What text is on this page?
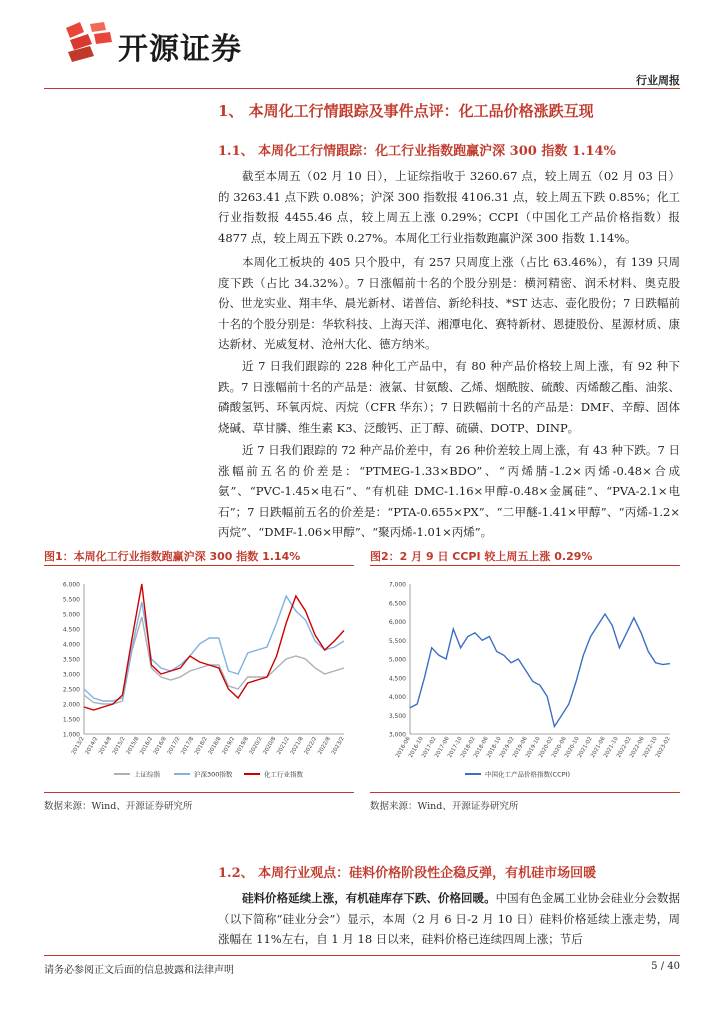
开源证券
行业周报
1、 本周化工行情跟踪及事件点评：化工品价格涨跌互现
1.1、 本周化工行情跟踪：化工行业指数跑赢沪深 300 指数 1.14%

截至本周五（02 月 10 日），上证综指收于 3260.67 点，较上周五（02 月 03 日）的 3263.41 点下跌 0.08%；沪深 300 指数报 4106.31 点，较上周五下跌 0.85%；化工行业指数报 4455.46 点，较上周五上涨 0.29%；CCPI（中国化工产品价格指数）报 4877 点，较上周五下跌 0.27%。本周化工行业指数跑赢沪深 300 指数 1.14%。

本周化工板块的 405 只个股中，有 257 只周度上涨（占比 63.46%），有 139 只周度下跌（占比 34.32%）。7 日涨幅前十名的个股分别是：横河精密、润禾材料、奥克股份、世龙实业、翔丰华、晨光新材、诺普信、新纶科技、*ST 达志、壶化股份；7 日跌幅前十名的个股分别是：华软科技、上海天洋、湘潭电化、赛特新材、恩捷股份、星源材质、康达新材、光威复材、沧州大化、德方纳米。

近 7 日我们跟踪的 228 种化工产品中，有 80 种产品价格较上周上涨，有 92 种下跌。7 日涨幅前十名的产品是：液氯、甘氨酸、乙烯、烟酰胺、硫酸、丙烯酸乙酯、油浆、磷酸氢钙、环氧丙烷、丙烷（CFR 华东）；7 日跌幅前十名的产品是：DMF、辛醇、固体烧碱、草甘膦、维生素 K3、泛酸钙、正丁醇、硫磺、DOTP、DINP。

近 7 日我们跟踪的 72 种产品价差中，有 26 种价差较上周上涨，有 43 种下跌。7 日涨幅前五名的价差是：“PTMEG-1.33×BDO”、“丙烯腈-1.2×丙烯-0.48×合成氨”、“PVC-1.45×电石”、“有机硅 DMC-1.16×甲醇-0.48×金属硅”、“PVA-2.1×电石”；7 日跌幅前五名的价差是：“PTA-0.655×PX”、“二甲醚-1.41×甲醇”、“丙烯-1.2×丙烷”、“DMF-1.06×甲醇”、“聚丙烯-1.01×丙烯”。

图1：本周化工行业指数跑赢沪深 300 指数 1.14%	图2：2 月 9 日 CCPI 较上周五上涨 0.29%
1.000
1.500
2.000
2.500
3.000
3.500
4.000
4.500
5.000
5.500
6.000
2013/2
2014/2
2014/8
2015/2
2015/8
2016/2
2016/8
2017/2
2017/8
2018/2
2018/8
2019/2
2019/8
2020/2
2020/8
2021/2
2021/8
2022/2
2022/8
2023/2
上证综指	沪深300指数	化工行业指数
3,000
3,500
4,000
4,500
5,000
5,500
6,000
6,500
7,000
2016-06
2016-10
2017-02
2017-06
2017-10
2018-02
2018-06
2018-10
2019-02
2019-06
2019-10
2020-02
2020-06
2020-10
2021-02
2021-06
2021-10
2022-02
2022-06
2022-10
2023-02
中国化工产品价格指数(CCPI)
数据来源：Wind、开源证券研究所	数据来源：Wind、开源证券研究所
1.2、 本周行业观点：硅料价格阶段性企稳反弹，有机硅市场回暖

硅料价格延续上涨，有机硅库存下跌、价格回暖。中国有色金属工业协会硅业分会数据（以下简称“硅业分会”）显示，本周（2 月 6 日-2 月 10 日）硅料价格延续上涨走势，周涨幅在 11%左右，自 1 月 18 日以来，硅料价格已连续四周上涨；节后

请务必参阅正文后面的信息披露和法律声明	5 / 40
